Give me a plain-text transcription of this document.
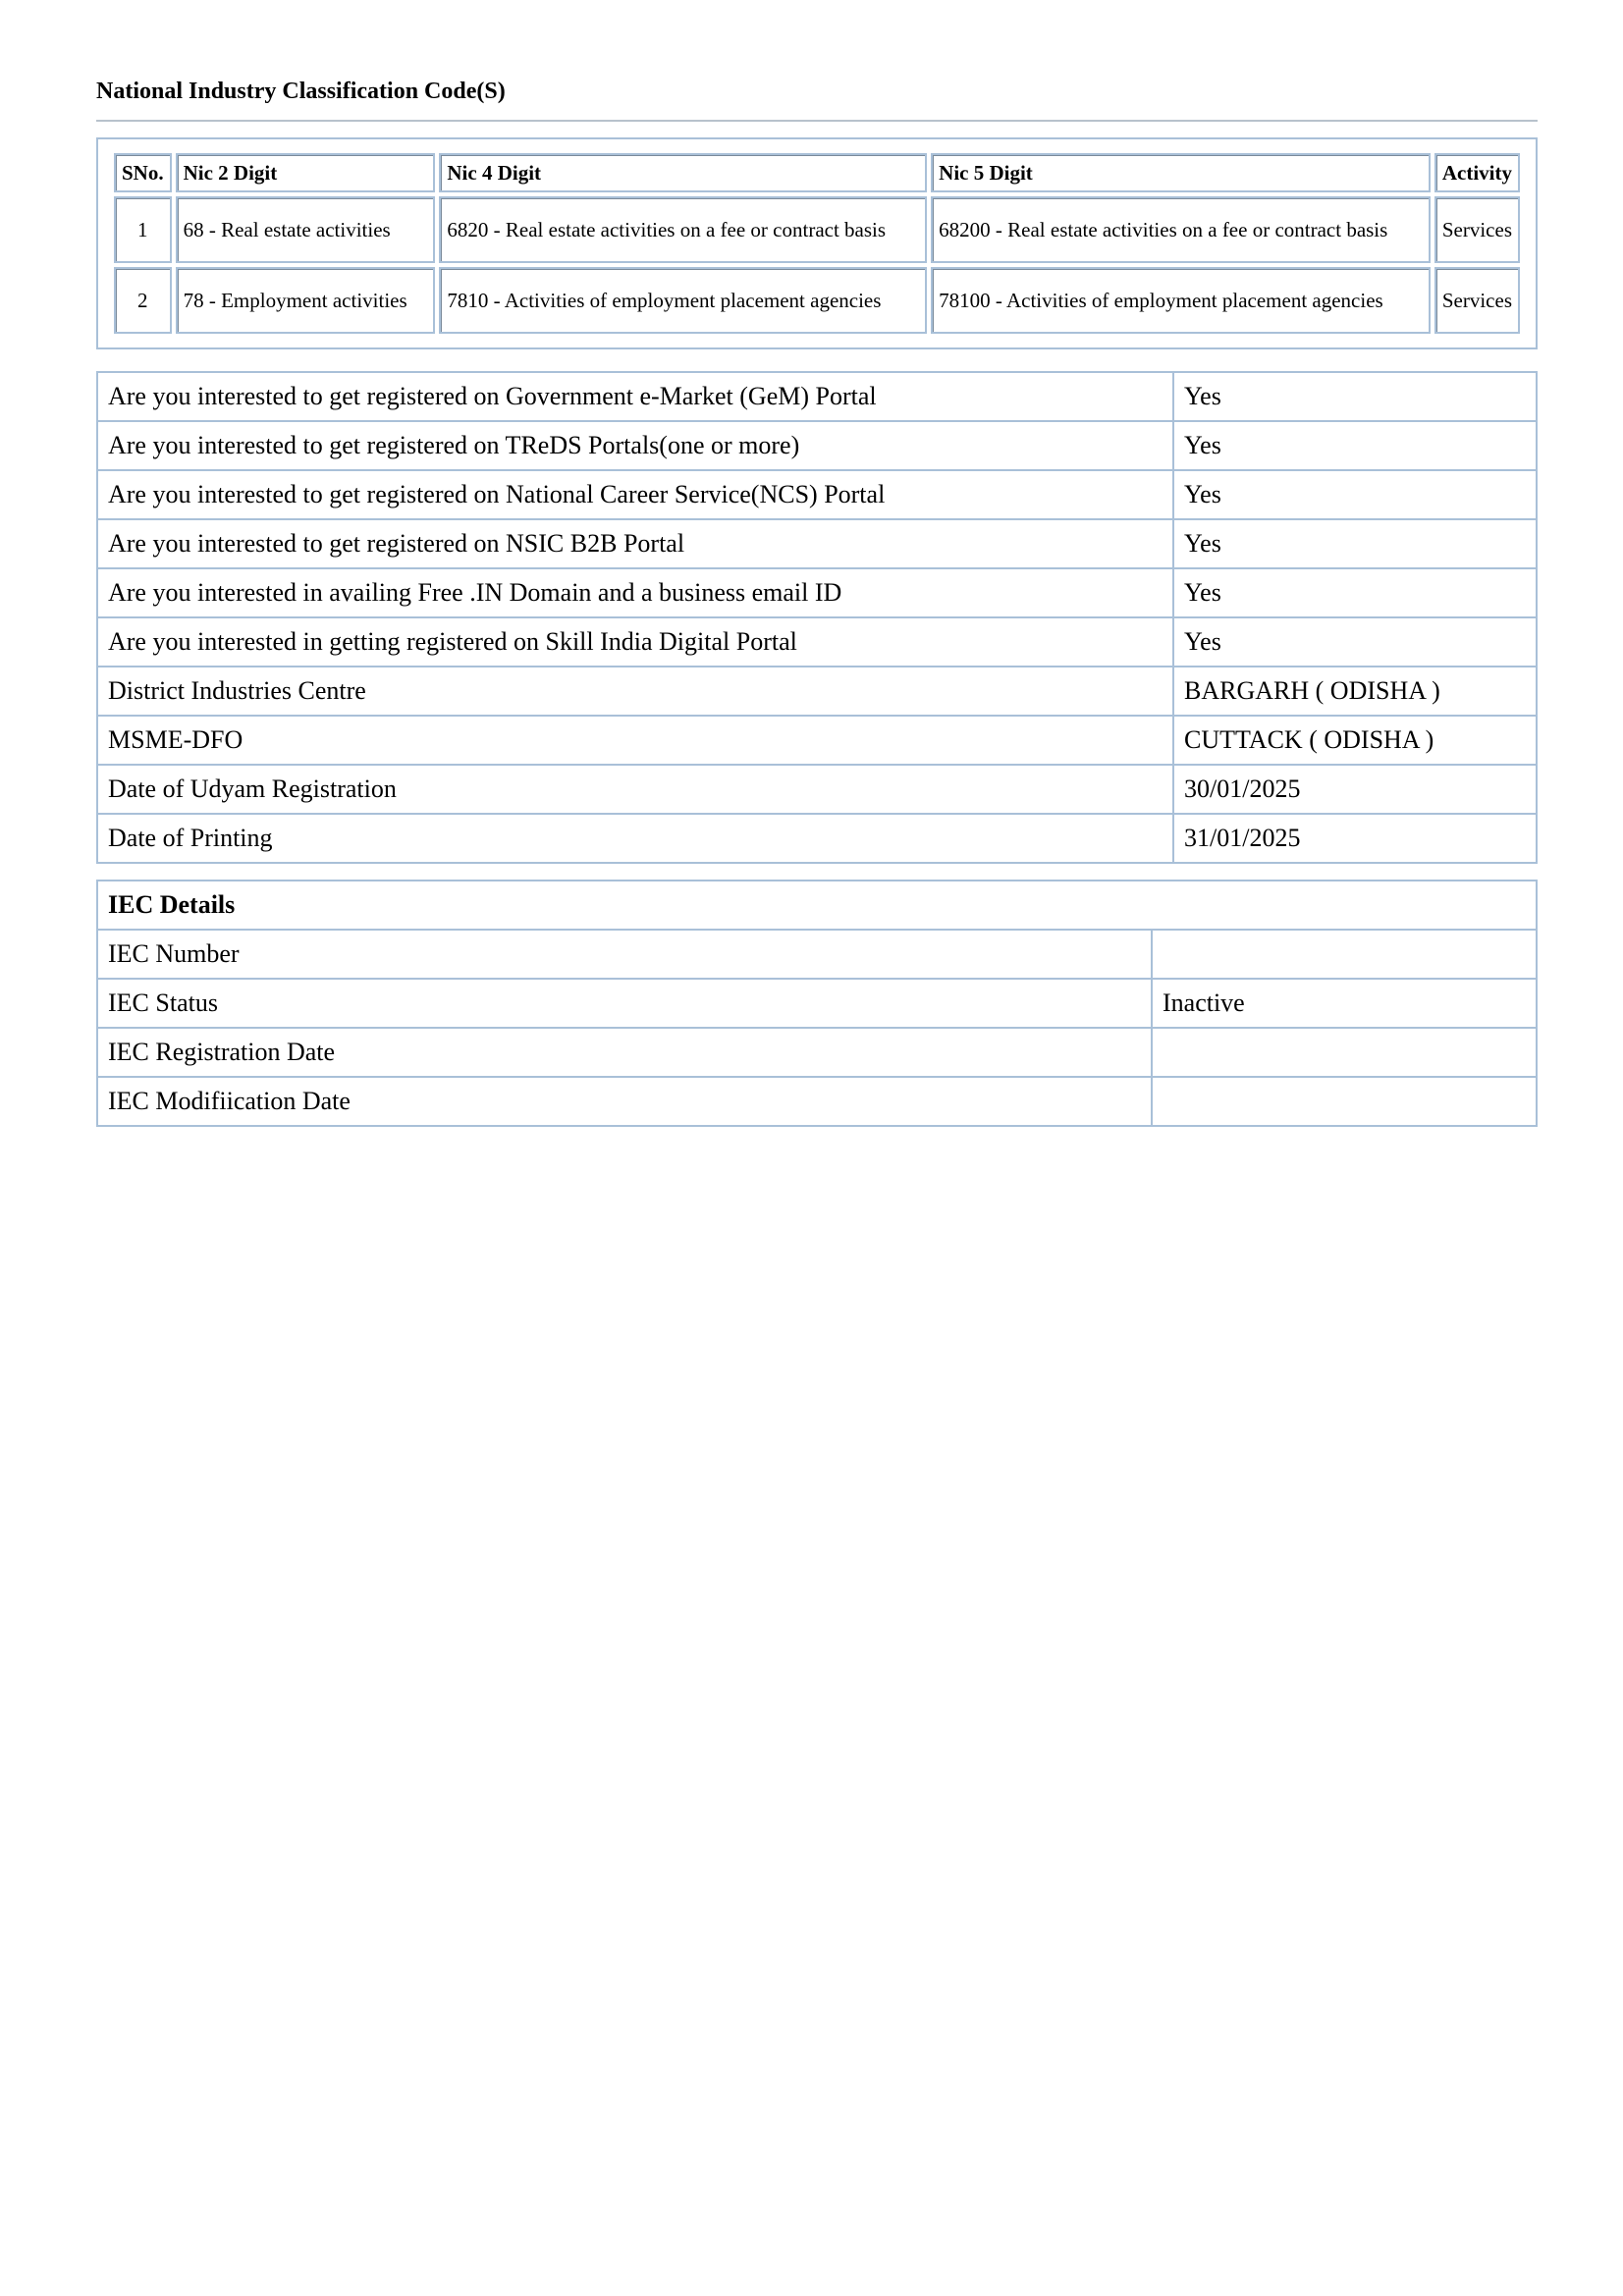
National Industry Classification Code(S)
SNo.	Nic 2 Digit	Nic 4 Digit	Nic 5 Digit	Activity
1	68 - Real estate activities	6820 - Real estate activities on a fee or contract basis	68200 - Real estate activities on a fee or contract basis	Services
2	78 - Employment activities	7810 - Activities of employment placement agencies	78100 - Activities of employment placement agencies	Services
Are you interested to get registered on Government e-Market (GeM) Portal	Yes
Are you interested to get registered on TReDS Portals(one or more)	Yes
Are you interested to get registered on National Career Service(NCS) Portal	Yes
Are you interested to get registered on NSIC B2B Portal	Yes
Are you interested in availing Free .IN Domain and a business email ID	Yes
Are you interested in getting registered on Skill India Digital Portal	Yes
District Industries Centre	BARGARH ( ODISHA )
MSME-DFO	CUTTACK ( ODISHA )
Date of Udyam Registration	30/01/2025
Date of Printing	31/01/2025
IEC Details	
IEC Number	
IEC Status	Inactive
IEC Registration Date	
IEC Modifiication Date	
